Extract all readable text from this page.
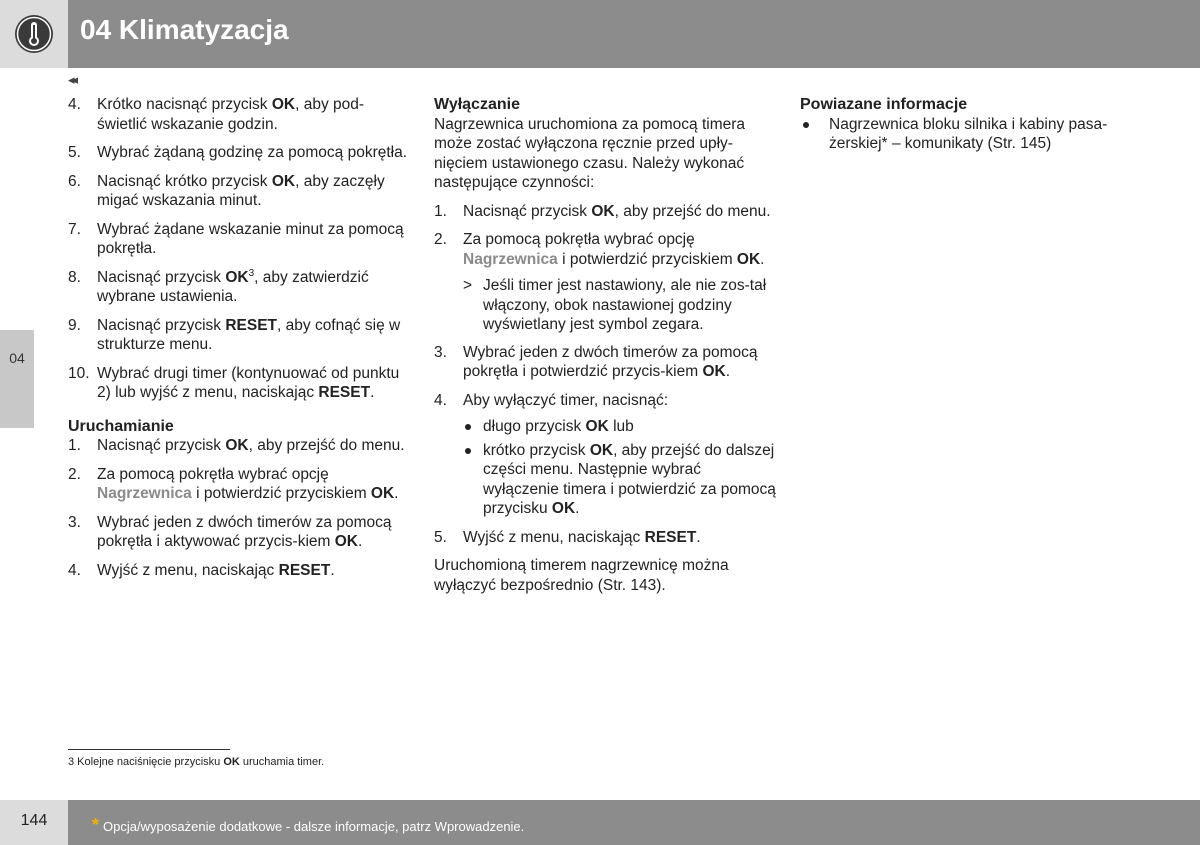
04 Klimatyzacja
◂◂
04
4. Krótko nacisnąć przycisk OK, aby pod-świetlić wskazanie godzin.
5. Wybrać żądaną godzinę za pomocą pokrętła.
6. Nacisnąć krótko przycisk OK, aby zaczęły migać wskazania minut.
7. Wybrać żądane wskazanie minut za pomocą pokrętła.
8. Nacisnąć przycisk $OK^3$, aby zatwierdzić wybrane ustawienia.
9. Nacisnąć przycisk RESET, aby cofnąć się w strukturze menu.
10. Wybrać drugi timer (kontynuować od punktu 2) lub wyjść z menu, naciskając RESET.
Uruchamianie
1. Nacisnąć przycisk OK, aby przejść do menu.
2. Za pomocą pokrętła wybrać opcję Nagrzewnica i potwierdzić przyciskiem OK.
3. Wybrać jeden z dwóch timerów za pomocą pokrętła i aktywować przycis-kiem OK.
4. Wyjść z menu, naciskając RESET.
Wyłączanie
Nagrzewnica uruchomiona za pomocą timera może zostać wyłączona ręcznie przed upły-nięciem ustawionego czasu. Należy wykonać następujące czynności:
1. Nacisnąć przycisk OK, aby przejść do menu.
2. Za pomocą pokrętła wybrać opcję Nagrzewnica i potwierdzić przyciskiem OK.
> Jeśli timer jest nastawiony, ale nie zos-tał włączony, obok nastawionej godziny wyświetlany jest symbol zegara.
3. Wybrać jeden z dwóch timerów za pomocą pokrętła i potwierdzić przycis-kiem OK.
4. Aby wyłączyć timer, nacisnąć:
długo przycisk OK lub
krótko przycisk OK, aby przejść do dalszej części menu. Następnie wybrać wyłączenie timera i potwierdzić za pomocą przycisku OK.
5. Wyjść z menu, naciskając RESET.
Uruchomioną timerem nagrzewnicę można wyłączyć bezpośrednio (Str. 143).
Powiazane informacje
Nagrzewnica bloku silnika i kabiny pasa-żerskiej* – komunikaty (Str. 145)
3 Kolejne naciśnięcie przycisku OK uruchamia timer.
144	* Opcja/wyposażenie dodatkowe - dalsze informacje, patrz Wprowadzenie.
